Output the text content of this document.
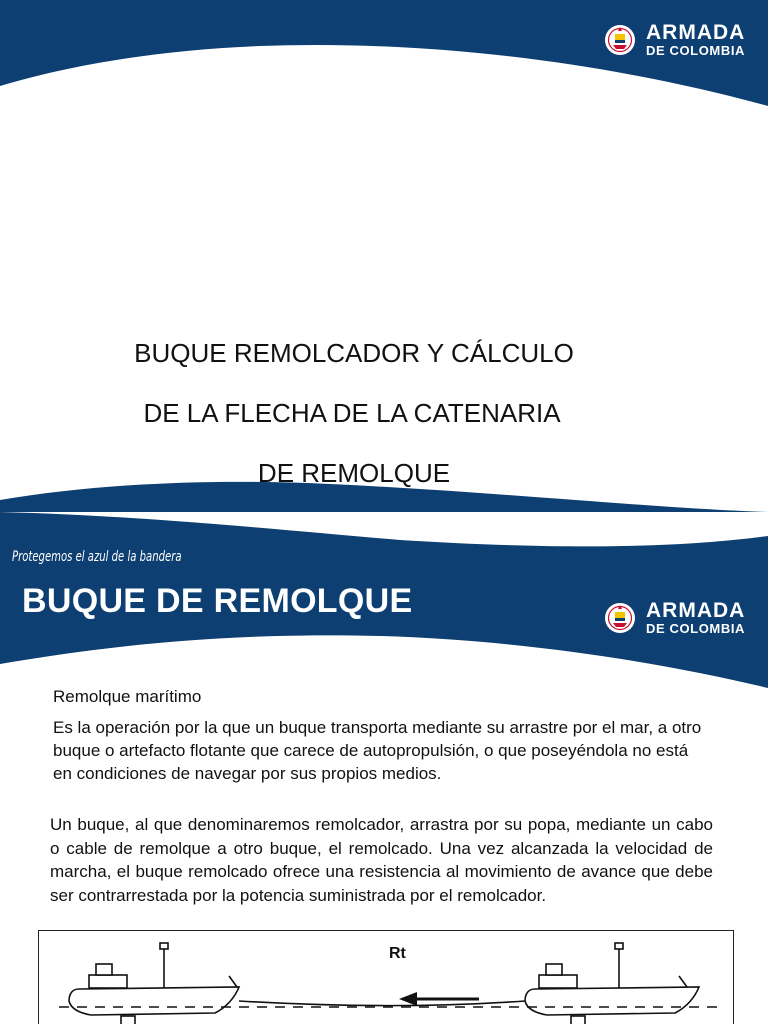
ARMADA
DE COLOMBIA
BUQUE REMOLCADOR Y CÁLCULO
DE LA FLECHA DE LA CATENARIA
DE REMOLQUE
Protegemos el azul de la bandera
BUQUE DE REMOLQUE	ARMADA
DE COLOMBIA
Remolque marítimo
Es la operación por la que un buque transporta mediante su arrastre por el mar, a otro buque o artefacto flotante que carece de autopropulsión, o que poseyéndola no está en condiciones de navegar por sus propios medios.
Un buque, al que denominaremos remolcador, arrastra por su popa, mediante un cabo o cable de remolque a otro buque, el remolcado. Una vez alcanzada la velocidad de marcha, el buque remolcado ofrece una resistencia al movimiento de avance que debe ser contrarrestada por la potencia suministrada por el remolcador.
Rt
